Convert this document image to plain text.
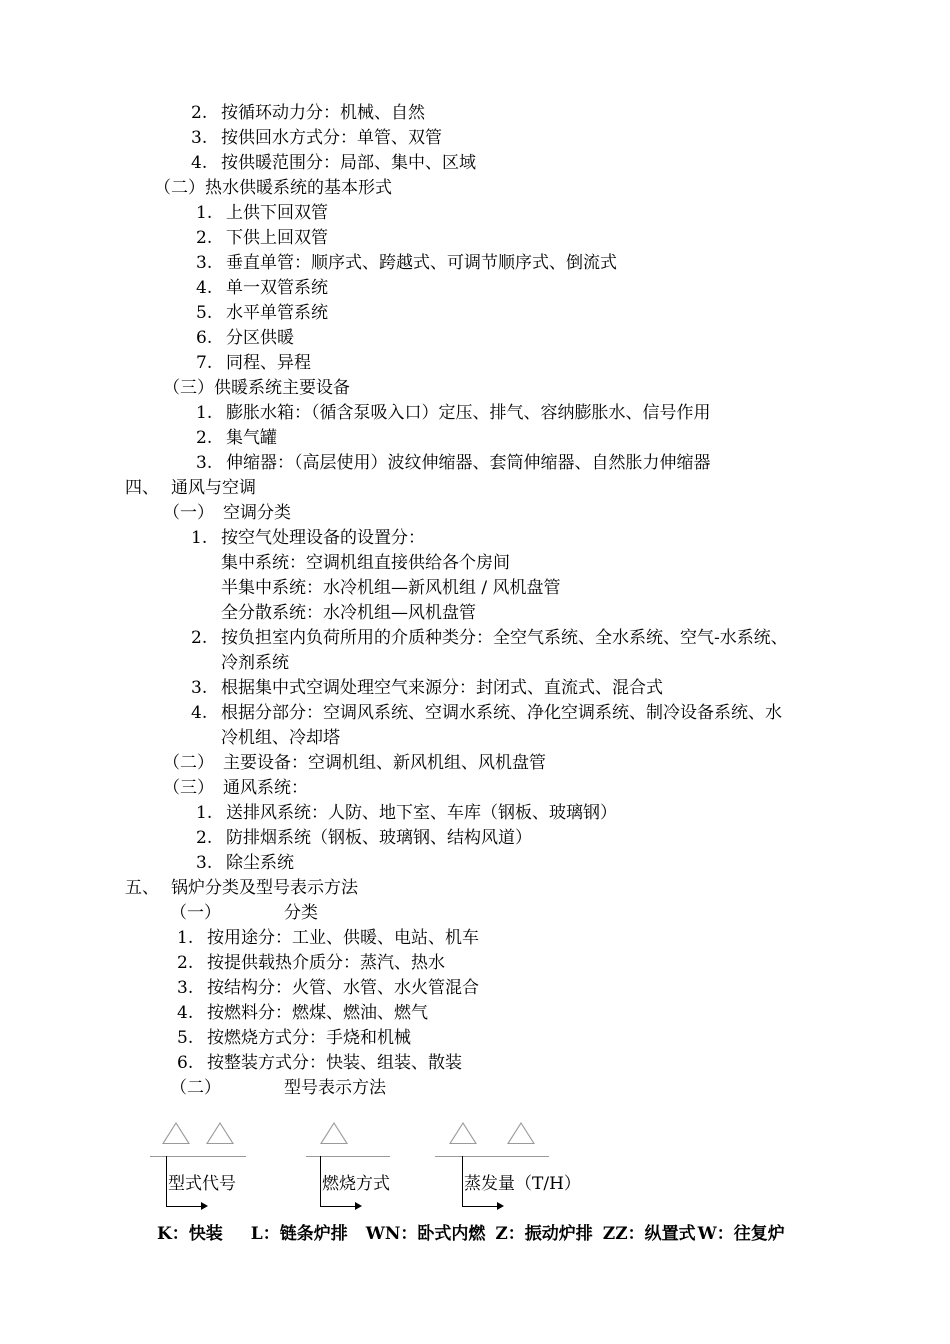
2. 按循环动力分：机械、自然
3. 按供回水方式分：单管、双管
4. 按供暖范围分：局部、集中、区域
（二）热水供暖系统的基本形式
1. 上供下回双管
2. 下供上回双管
3. 垂直单管：顺序式、跨越式、可调节顺序式、倒流式
4. 单一双管系统
5. 水平单管系统
6. 分区供暖
7. 同程、异程
（三）供暖系统主要设备
1. 膨胀水箱：（循含泵吸入口）定压、排气、容纳膨胀水、信号作用
2. 集气罐
3. 伸缩器：（高层使用）波纹伸缩器、套筒伸缩器、自然胀力伸缩器
四、 通风与空调
（一） 空调分类
1. 按空气处理设备的设置分：
集中系统：空调机组直接供给各个房间
半集中系统：水冷机组—新风机组 / 风机盘管
全分散系统：水冷机组—风机盘管
2. 按负担室内负荷所用的介质种类分：全空气系统、全水系统、空气-水系统、
冷剂系统
3. 根据集中式空调处理空气来源分：封闭式、直流式、混合式
4. 根据分部分：空调风系统、空调水系统、净化空调系统、制冷设备系统、水
冷机组、冷却塔
（二） 主要设备：空调机组、新风机组、风机盘管
（三） 通风系统：
1. 送排风系统：人防、地下室、车库（钢板、玻璃钢）
2. 防排烟系统（钢板、玻璃钢、结构风道）
3. 除尘系统
五、 锅炉分类及型号表示方法
（一）	分类
1. 按用途分：工业、供暖、电站、机车
2. 按提供载热介质分：蒸汽、热水
3. 按结构分：火管、水管、水火管混合
4. 按燃料分：燃煤、燃油、燃气
5. 按燃烧方式分：手烧和机械
6. 按整装方式分：快装、组装、散装
（二）	型号表示方法
型式代号	燃烧方式	蒸发量（T/H）
K：快装 L：链条炉排 WN：卧式内燃 Z：振动炉排 ZZ：纵置式 W：往复炉
